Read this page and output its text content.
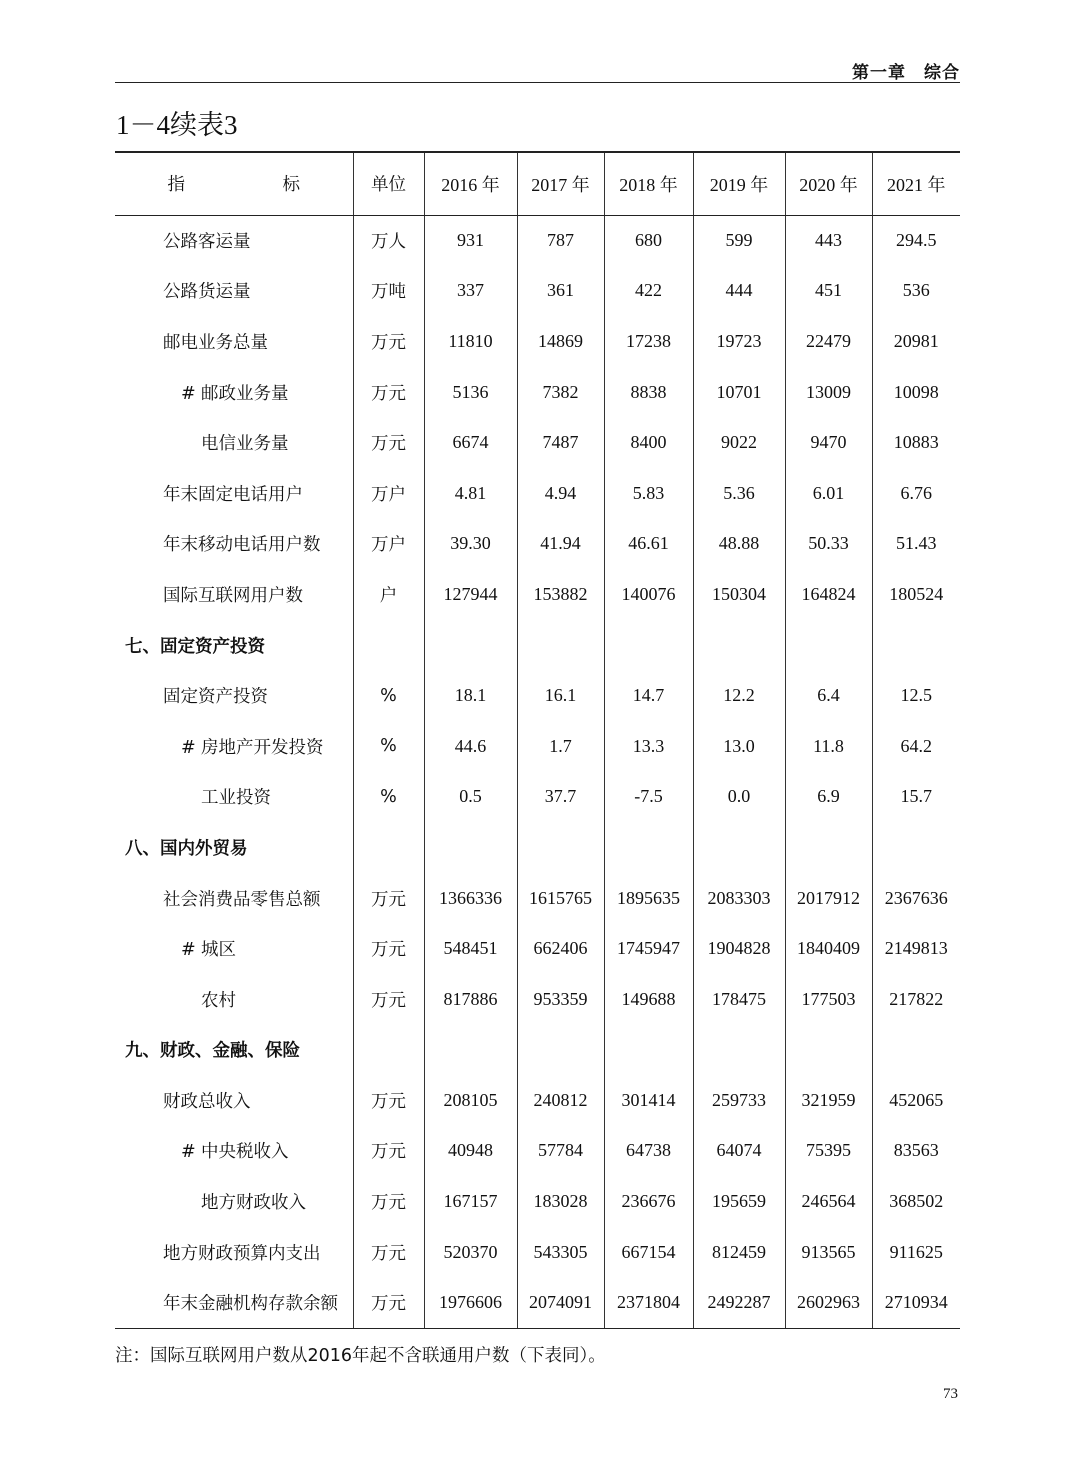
第一章　综合
1－4续表3
指　标	单位	2016 年	2017 年	2018 年	2019 年	2020 年	2021 年
公路客运量	万人	931	787	680	599	443	294.5
公路货运量	万吨	337	361	422	444	451	536
邮电业务总量	万元	11810	14869	17238	19723	22479	20981
# 邮政业务量	万元	5136	7382	8838	10701	13009	10098
电信业务量	万元	6674	7487	8400	9022	9470	10883
年末固定电话用户	万户	4.81	4.94	5.83	5.36	6.01	6.76
年末移动电话用户数	万户	39.30	41.94	46.61	48.88	50.33	51.43
国际互联网用户数	户	127944	153882	140076	150304	164824	180524
七、固定资产投资							
固定资产投资	%	18.1	16.1	14.7	12.2	6.4	12.5
# 房地产开发投资	%	44.6	1.7	13.3	13.0	11.8	64.2
工业投资	%	0.5	37.7	-7.5	0.0	6.9	15.7
八、国内外贸易							
社会消费品零售总额	万元	1366336	1615765	1895635	2083303	2017912	2367636
# 城区	万元	548451	662406	1745947	1904828	1840409	2149813
农村	万元	817886	953359	149688	178475	177503	217822
九、财政、金融、保险							
财政总收入	万元	208105	240812	301414	259733	321959	452065
# 中央税收入	万元	40948	57784	64738	64074	75395	83563
地方财政收入	万元	167157	183028	236676	195659	246564	368502
地方财政预算内支出	万元	520370	543305	667154	812459	913565	911625
年末金融机构存款余额	万元	1976606	2074091	2371804	2492287	2602963	2710934
注：国际互联网用户数从2016年起不含联通用户数（下表同）。
73
